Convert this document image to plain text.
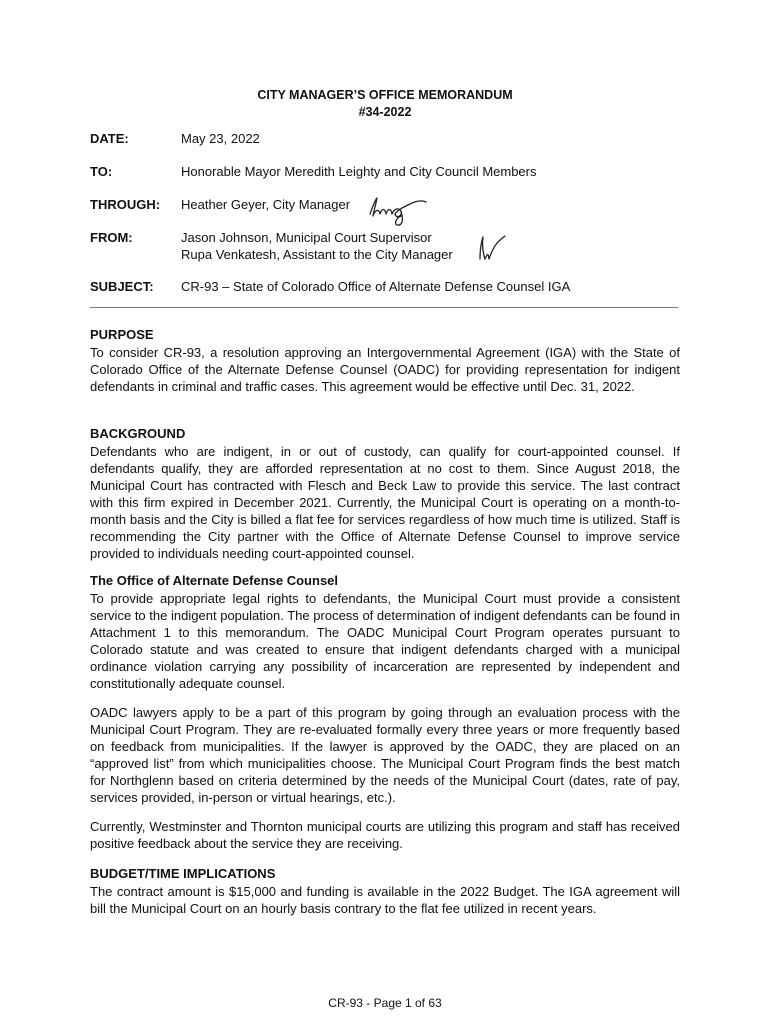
CITY MANAGER’S OFFICE MEMORANDUM
#34-2022
DATE:	May 23, 2022
TO:	Honorable Mayor Meredith Leighty and City Council Members
THROUGH: Heather Geyer, City Manager
FROM:	Jason Johnson, Municipal Court Supervisor
Rupa Venkatesh, Assistant to the City Manager
SUBJECT: CR-93 – State of Colorado Office of Alternate Defense Counsel IGA
PURPOSE

To consider CR-93, a resolution approving an Intergovernmental Agreement (IGA) with the State of Colorado Office of the Alternate Defense Counsel (OADC) for providing representation for indigent defendants in criminal and traffic cases. This agreement would be effective until Dec. 31, 2022.

BACKGROUND

Defendants who are indigent, in or out of custody, can qualify for court-appointed counsel. If defendants qualify, they are afforded representation at no cost to them. Since August 2018, the Municipal Court has contracted with Flesch and Beck Law to provide this service. The last contract with this firm expired in December 2021. Currently, the Municipal Court is operating on a month-to-month basis and the City is billed a flat fee for services regardless of how much time is utilized. Staff is recommending the City partner with the Office of Alternate Defense Counsel to improve service provided to individuals needing court-appointed counsel.

The Office of Alternate Defense Counsel

To provide appropriate legal rights to defendants, the Municipal Court must provide a consistent service to the indigent population. The process of determination of indigent defendants can be found in Attachment 1 to this memorandum. The OADC Municipal Court Program operates pursuant to Colorado statute and was created to ensure that indigent defendants charged with a municipal ordinance violation carrying any possibility of incarceration are represented by independent and constitutionally adequate counsel.

OADC lawyers apply to be a part of this program by going through an evaluation process with the Municipal Court Program. They are re-evaluated formally every three years or more frequently based on feedback from municipalities. If the lawyer is approved by the OADC, they are placed on an “approved list” from which municipalities choose. The Municipal Court Program finds the best match for Northglenn based on criteria determined by the needs of the Municipal Court (dates, rate of pay, services provided, in-person or virtual hearings, etc.).

Currently, Westminster and Thornton municipal courts are utilizing this program and staff has received positive feedback about the service they are receiving.

BUDGET/TIME IMPLICATIONS

The contract amount is $15,000 and funding is available in the 2022 Budget. The IGA agreement will bill the Municipal Court on an hourly basis contrary to the flat fee utilized in recent years.

CR-93 - Page 1 of 63
